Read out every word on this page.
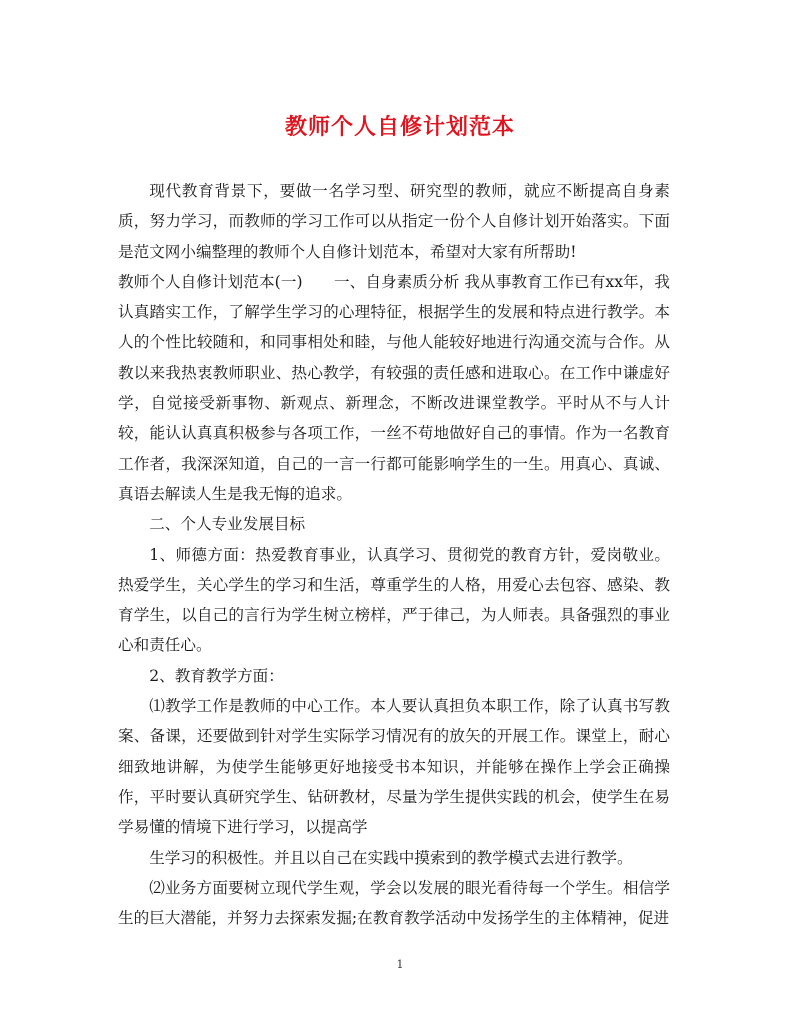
教师个人自修计划范本

现代教育背景下，要做一名学习型、研究型的教师，就应不断提高自身素质，努力学习，而教师的学习工作可以从指定一份个人自修计划开始落实。下面是范文网小编整理的教师个人自修计划范本，希望对大家有所帮助!

教师个人自修计划范本(一)　　一、自身素质分析 我从事教育工作已有xx年，我认真踏实工作，了解学生学习的心理特征，根据学生的发展和特点进行教学。本人的个性比较随和，和同事相处和睦，与他人能较好地进行沟通交流与合作。从教以来我热衷教师职业、热心教学，有较强的责任感和进取心。在工作中谦虚好学，自觉接受新事物、新观点、新理念，不断改进课堂教学。平时从不与人计较，能认认真真积极参与各项工作，一丝不苟地做好自己的事情。作为一名教育工作者，我深深知道，自己的一言一行都可能影响学生的一生。用真心、真诚、真语去解读人生是我无悔的追求。

二、个人专业发展目标

1、师德方面：热爱教育事业，认真学习、贯彻党的教育方针，爱岗敬业。热爱学生，关心学生的学习和生活，尊重学生的人格，用爱心去包容、感染、教育学生，以自己的言行为学生树立榜样，严于律己，为人师表。具备强烈的事业心和责任心。

2、教育教学方面：

⑴教学工作是教师的中心工作。本人要认真担负本职工作，除了认真书写教案、备课，还要做到针对学生实际学习情况有的放矢的开展工作。课堂上，耐心细致地讲解，为使学生能够更好地接受书本知识，并能够在操作上学会正确操作，平时要认真研究学生、钻研教材，尽量为学生提供实践的机会，使学生在易学易懂的情境下进行学习，以提高学

生学习的积极性。并且以自己在实践中摸索到的教学模式去进行教学。

⑵业务方面要树立现代学生观，学会以发展的眼光看待每一个学生。相信学生的巨大潜能，并努力去探索发掘;在教育教学活动中发扬学生的主体精神，促进

1
